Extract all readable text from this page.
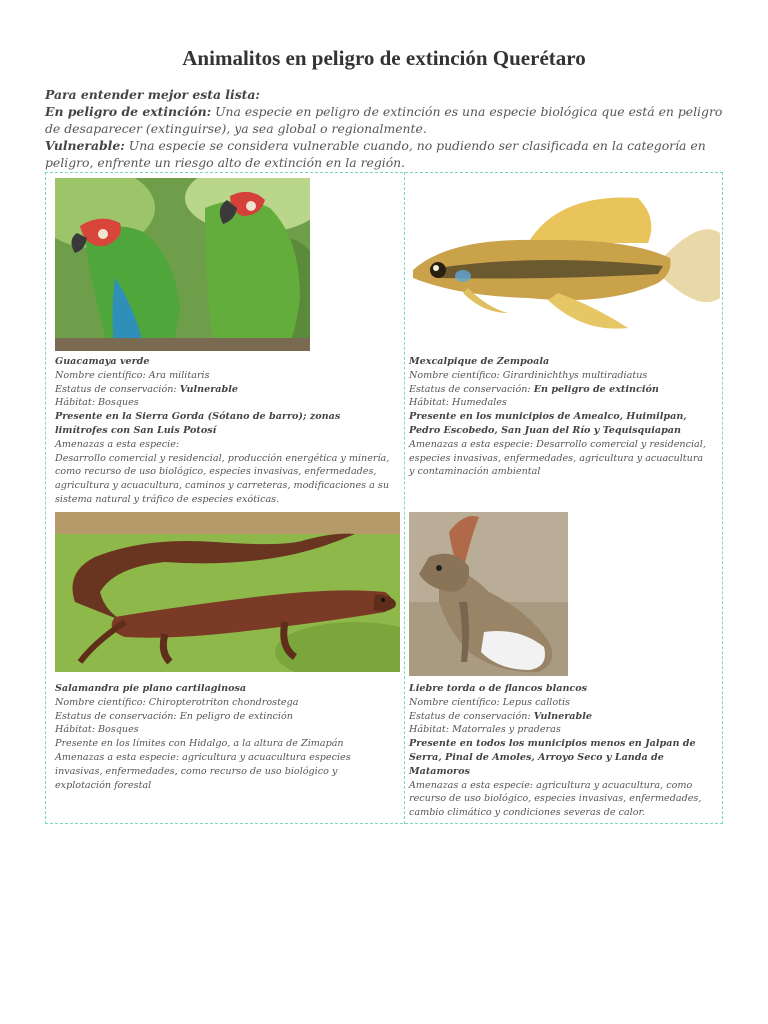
Animalitos en peligro de extinción Querétaro

Para entender mejor esta lista:

En peligro de extinción: Una especie en peligro de extinción es una especie biológica que está en peligro de desaparecer (extinguirse), ya sea global o regionalmente.

Vulnerable: Una especie se considera vulnerable cuando, no pudiendo ser clasificada en la categoría en peligro, enfrente un riesgo alto de extinción en la región.

Guacamaya verde
Nombre científico: Ara militaris
Estatus de conservación: Vulnerable
Hábitat: Bosques
Presente en la Sierra Gorda (Sótano de barro); zonas limítrofes con San Luis Potosí
Amenazas a esta especie:
Desarrollo comercial y residencial, producción energética y minería, como recurso de uso biológico, especies invasivas, enfermedades, agricultura y acuacultura, caminos y carreteras, modificaciones a su sistema natural y tráfico de especies exóticas.
Mexcalpique de Zempoala
Nombre científico: Girardinichthys multiradiatus
Estatus de conservación: En peligro de extinción
Hábitat: Humedales
Presente en los municipios de Amealco, Huimilpan, Pedro Escobedo, San Juan del Río y Tequisquiapan
Amenazas a esta especie: Desarrollo comercial y residencial, especies invasivas, enfermedades, agricultura y acuacultura y contaminación ambiental
Salamandra pie plano cartilaginosa
Nombre científico: Chiropterotriton chondrostega
Estatus de conservación: En peligro de extinción
Hábitat: Bosques
Presente en los límites con Hidalgo, a la altura de Zimapán
Amenazas a esta especie: agricultura y acuacultura especies invasivas, enfermedades, como recurso de uso biológico y explotación forestal
Liebre torda o de flancos blancos
Nombre científico: Lepus callotis
Estatus de conservación: Vulnerable
Hábitat: Matorrales y praderas
Presente en todos los municipios menos en Jalpan de Serra, Pinal de Amoles, Arroyo Seco y Landa de Matamoros
Amenazas a esta especie: agricultura y acuacultura, como recurso de uso biológico, especies invasivas, enfermedades, cambio climático y condiciones severas de calor.
